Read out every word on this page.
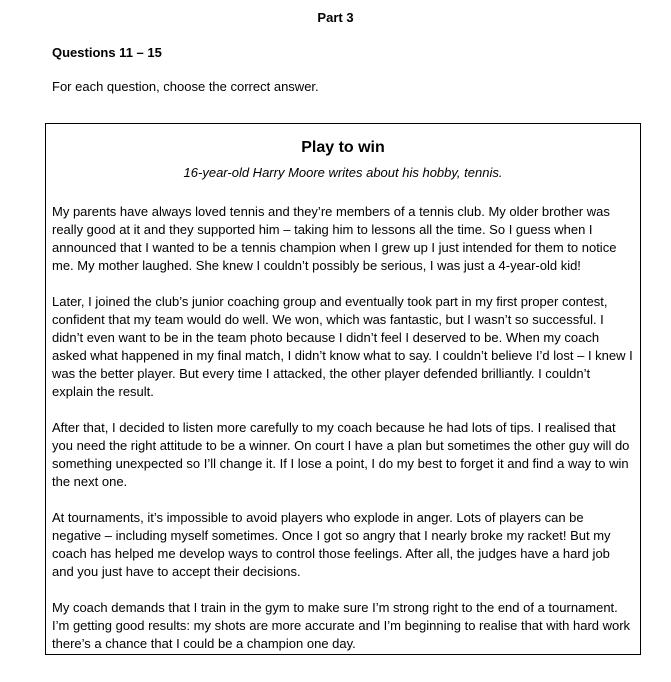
Part 3
Questions 11 – 15
For each question, choose the correct answer.
Play to win
16-year-old Harry Moore writes about his hobby, tennis.

My parents have always loved tennis and they’re members of a tennis club. My older brother was really good at it and they supported him – taking him to lessons all the time. So I guess when I announced that I wanted to be a tennis champion when I grew up I just intended for them to notice me. My mother laughed. She knew I couldn’t possibly be serious, I was just a 4-year-old kid!

Later, I joined the club’s junior coaching group and eventually took part in my first proper contest, confident that my team would do well. We won, which was fantastic, but I wasn’t so successful. I didn’t even want to be in the team photo because I didn’t feel I deserved to be. When my coach asked what happened in my final match, I didn’t know what to say. I couldn’t believe I’d lost – I knew I was the better player. But every time I attacked, the other player defended brilliantly. I couldn’t explain the result.

After that, I decided to listen more carefully to my coach because he had lots of tips. I realised that you need the right attitude to be a winner. On court I have a plan but sometimes the other guy will do something unexpected so I’ll change it. If I lose a point, I do my best to forget it and find a way to win the next one.

At tournaments, it’s impossible to avoid players who explode in anger. Lots of players can be negative – including myself sometimes. Once I got so angry that I nearly broke my racket! But my coach has helped me develop ways to control those feelings. After all, the judges have a hard job and you just have to accept their decisions.

My coach demands that I train in the gym to make sure I’m strong right to the end of a tournament. I’m getting good results: my shots are more accurate and I’m beginning to realise that with hard work there’s a chance that I could be a champion one day.
